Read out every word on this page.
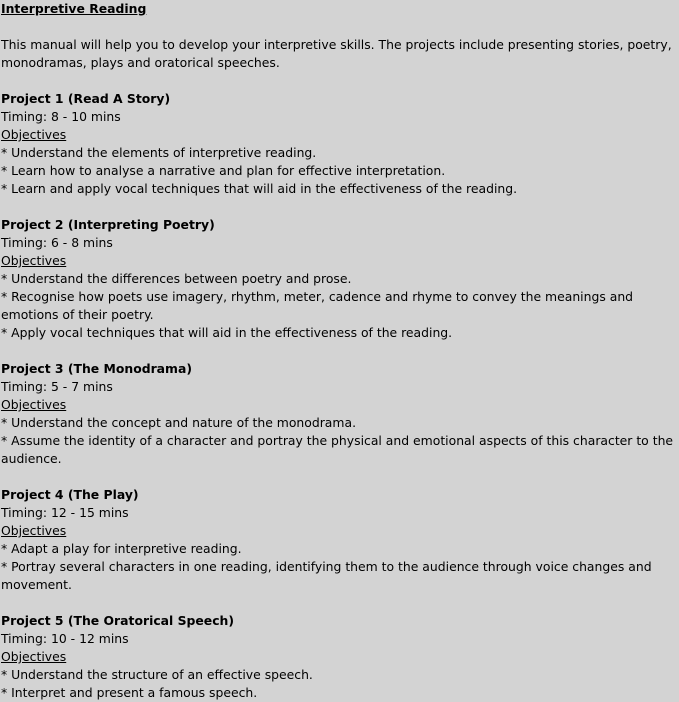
Interpretive Reading

This manual will help you to develop your interpretive skills. The projects include presenting stories, poetry, monodramas, plays and oratorical speeches.

Project 1 (Read A Story)
Timing: 8 - 10 mins
Objectives
* Understand the elements of interpretive reading.
* Learn how to analyse a narrative and plan for effective interpretation.
* Learn and apply vocal techniques that will aid in the effectiveness of the reading.
Project 2 (Interpreting Poetry)
Timing: 6 - 8 mins
Objectives
* Understand the differences between poetry and prose.
* Recognise how poets use imagery, rhythm, meter, cadence and rhyme to convey the meanings and emotions of their poetry.
* Apply vocal techniques that will aid in the effectiveness of the reading.
Project 3 (The Monodrama)
Timing: 5 - 7 mins
Objectives
* Understand the concept and nature of the monodrama.
* Assume the identity of a character and portray the physical and emotional aspects of this character to the audience.
Project 4 (The Play)
Timing: 12 - 15 mins
Objectives
* Adapt a play for interpretive reading.
* Portray several characters in one reading, identifying them to the audience through voice changes and movement.
Project 5 (The Oratorical Speech)
Timing: 10 - 12 mins
Objectives
* Understand the structure of an effective speech.
* Interpret and present a famous speech.
